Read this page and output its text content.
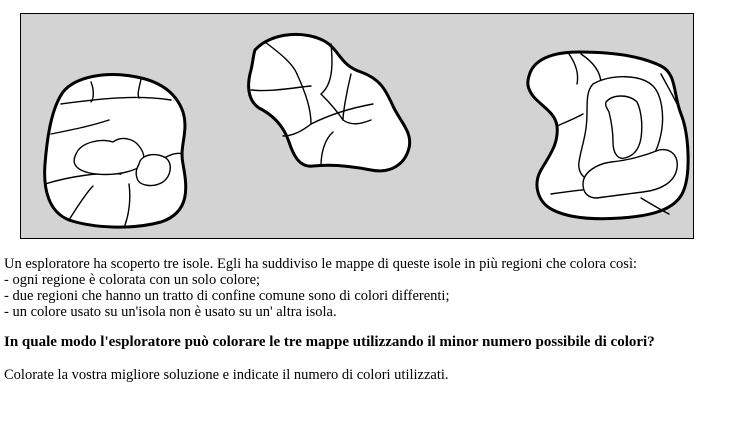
Un esploratore ha scoperto tre isole. Egli ha suddiviso le mappe di queste isole in più regioni che colora così:

- ogni regione è colorata con un solo colore;

- due regioni che hanno un tratto di confine comune sono di colori differenti;

- un colore usato su un'isola non è usato su un' altra isola.

In quale modo l'esploratore può colorare le tre mappe utilizzando il minor numero possibile di colori?

Colorate la vostra migliore soluzione e indicate il numero di colori utilizzati.
